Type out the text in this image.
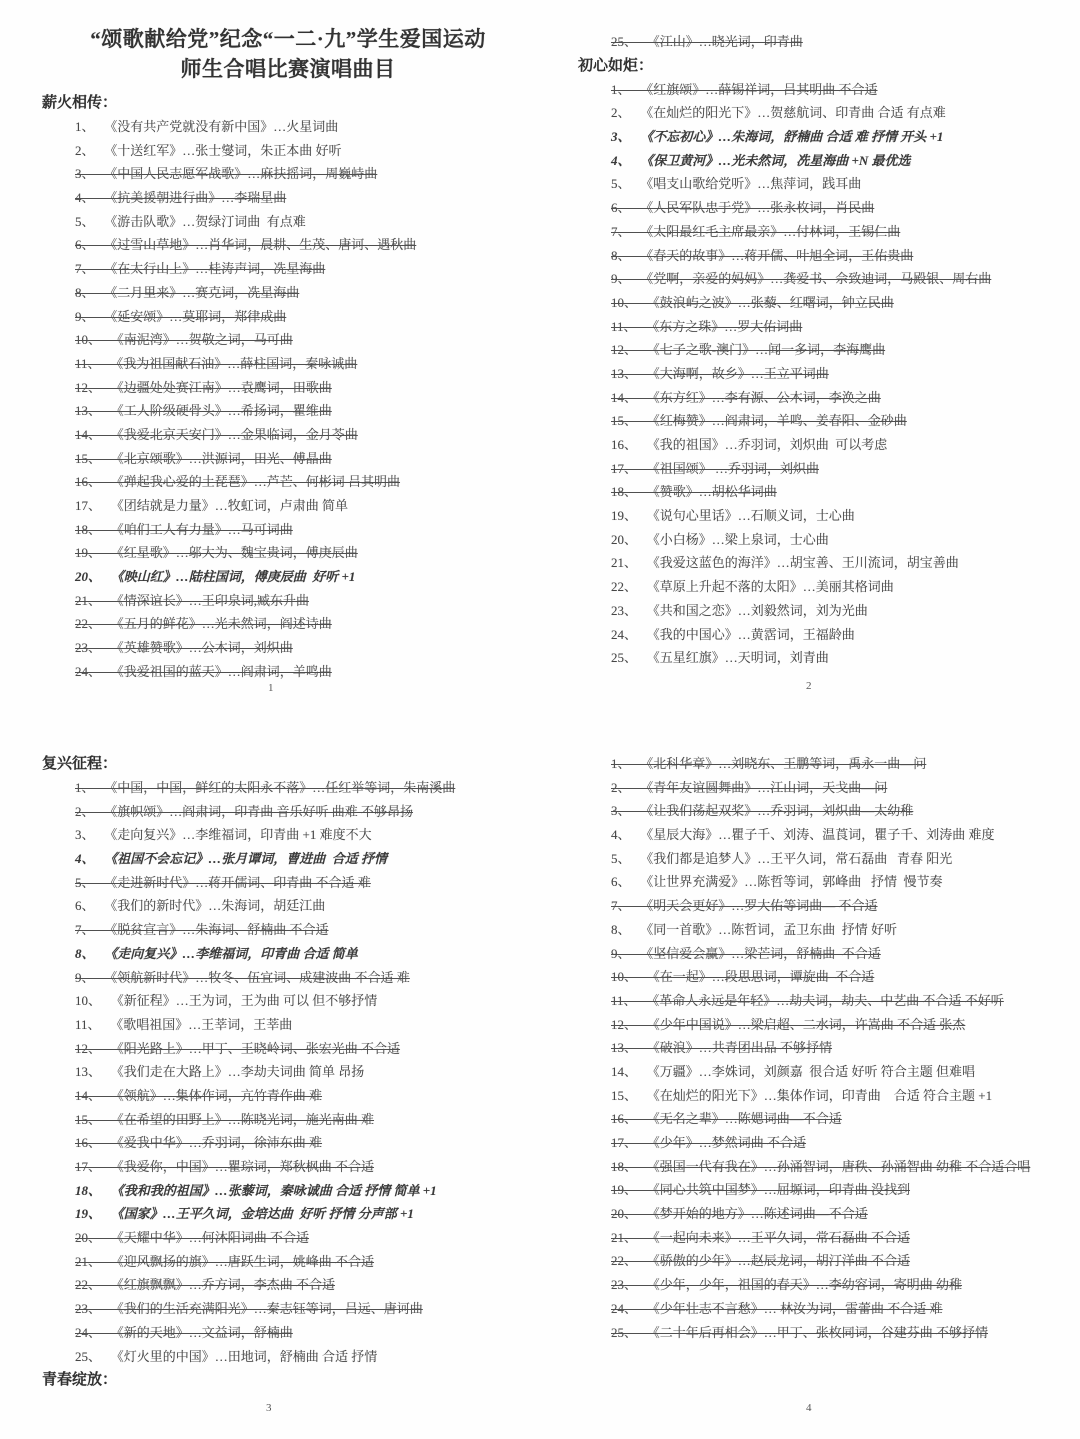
“颂歌献给党”纪念“一二·九”学生爱国运动
师生合唱比赛演唱曲目
薪火相传：
1、　 《没有共产党就没有新中国》…火星词曲
2、　 《十送红军》…张士燮词，朱正本曲 好听
3、　 《中国人民志愿军战歌》…麻扶摇词，周巍峙曲
4、　 《抗美援朝进行曲》…李瑞星曲
5、　 《游击队歌》…贺绿汀词曲  有点难
6、　 《过雪山草地》…肖华词，晨耕、生茂、唐诃、遇秋曲
7、　 《在太行山上》…桂涛声词，冼星海曲
8、　 《二月里来》…赛克词，冼星海曲
9、　 《延安颂》…莫耶词，郑律成曲
10、  《南泥湾》…贺敬之词，马可曲
11、  《我为祖国献石油》…薛柱国词，秦咏诚曲
12、  《边疆处处赛江南》…袁鹰词，田歌曲
13、  《工人阶级硬骨头》…希扬词，瞿维曲
14、  《我爱北京天安门》…金果临词，金月苓曲
15、  《北京颂歌》…洪源词，田光、傅晶曲
16、  《弹起我心爱的土琵琶》…芦芒、何彬词 吕其明曲
17、  《团结就是力量》…牧虹词，卢肃曲 简单
18、  《咱们工人有力量》…马可词曲
19、  《红星歌》…邬大为、魏宝贵词，傅庚辰曲
20、  《映山红》…陆柱国词，傅庚辰曲  好听 +1
21、  《情深谊长》…王印泉词,臧东升曲
22、  《五月的鲜花》…光未然词，阎述诗曲
23、  《英雄赞歌》…公木词，刘炽曲
24、  《我爱祖国的蓝天》…阎肃词，羊鸣曲
25、  《江山》…晓光词，印青曲
初心如炬：
1、　 《红旗颂》…薛锡祥词，吕其明曲 不合适
2、　 《在灿烂的阳光下》…贺慈航词、印青曲 合适 有点难
3、　 《不忘初心》…朱海词，舒楠曲 合适 难 抒情 开头 +1
4、　 《保卫黄河》…光未然词，冼星海曲 +N 最优选
5、　 《唱支山歌给党听》…焦萍词，践耳曲
6、　 《人民军队忠于党》…张永枚词，肖民曲
7、　 《太阳最红毛主席最亲》…付林词，王锡仁曲
8、　 《春天的故事》…蒋开儒、叶旭全词，王佑贵曲
9、　 《党啊，亲爱的妈妈》…龚爱书、佘致迪词，马殿银、周右曲
10、  《鼓浪屿之波》…张藜、红曙词，钟立民曲
11、  《东方之珠》…罗大佑词曲
12、  《七子之歌-澳门》…闻一多词，李海鹰曲
13、  《大海啊，故乡》…王立平词曲
14、  《东方红》…李有源、公木词，李涣之曲
15、  《红梅赞》…阎肃词，羊鸣、姜春阳、金砂曲
16、  《我的祖国》…乔羽词，刘炽曲  可以考虑
17、  《祖国颂》 …乔羽词，刘炽曲
18、  《赞歌》…胡松华词曲
19、  《说句心里话》…石顺义词，士心曲
20、  《小白杨》…梁上泉词，士心曲
21、  《我爱这蓝色的海洋》…胡宝善、王川流词，胡宝善曲
22、  《草原上升起不落的太阳》…美丽其格词曲
23、  《共和国之恋》…刘毅然词，刘为光曲
24、  《我的中国心》…黄霑词，王福龄曲
25、  《五星红旗》…天明词，刘青曲
复兴征程：
1、　 《中国，中国，鲜红的太阳永不落》…任红举等词，朱南溪曲
2、　 《旗帜颂》…阎肃词，印青曲 音乐好听 曲难 不够昂扬
3、　 《走向复兴》…李维福词，印青曲 +1 难度不大
4、　 《祖国不会忘记》…张月谭词，曹进曲  合适 抒情
5、　 《走进新时代》…蒋开儒词、印青曲 不合适 难
6、　 《我们的新时代》…朱海词，胡廷江曲
7、　 《脱贫宣言》…朱海词、舒楠曲 不合适
8、　 《走向复兴》…李维福词，印青曲 合适 简单
9、　 《领航新时代》…牧冬、伍宜词、成建波曲 不合适 难
10、  《新征程》…王为词，王为曲 可以 但不够抒情
11、  《歌唱祖国》…王莘词，王莘曲
12、  《阳光路上》…甲丁、王晓岭词、张宏光曲 不合适
13、  《我们走在大路上》…李劫夫词曲 简单 昂扬
14、  《领航》…集体作词，亢竹青作曲 难
15、  《在希望的田野上》…陈晓光词，施光南曲 难
16、  《爱我中华》…乔羽词，徐沛东曲 难
17、  《我爱你，中国》…瞿琮词，郑秋枫曲 不合适
18、  《我和我的祖国》…张藜词，秦咏诚曲 合适 抒情 简单 +1
19、  《国家》…王平久词，金培达曲  好听 抒情 分声部 +1
20、  《天耀中华》…何沐阳词曲 不合适
21、  《迎风飘扬的旗》…唐跃生词，姚峰曲 不合适
22、  《红旗飘飘》…乔方词，李杰曲 不合适
23、  《我们的生活充满阳光》…秦志钰等词，吕远、唐诃曲
24、  《新的天地》…文益词，舒楠曲
25、  《灯火里的中国》…田地词，舒楠曲 合适 抒情
青春绽放：
1、　 《北科华章》…刘晓东、王鹏等词，禹永一曲—问
2、　 《青年友谊圆舞曲》…江山词，天戈曲—问
3、　 《让我们荡起双桨》…乔羽词，刘炽曲—太幼稚
4、　 《星辰大海》…瞿子千、刘涛、温莨词，瞿子千、刘涛曲 难度
5、　 《我们都是追梦人》…王平久词，常石磊曲   青春 阳光
6、　 《让世界充满爱》…陈哲等词，郭峰曲   抒情  慢节奏
7、　 《明天会更好》…罗大佑等词曲— 不合适
8、　 《同一首歌》…陈哲词，孟卫东曲  抒情 好听
9、　 《坚信爱会赢》…梁芒词，舒楠曲  不合适
10、  《在一起》…段思思词，谭旋曲  不合适
11、  《革命人永远是年轻》…劫夫词，劫夫、中艺曲 不合适 不好听
12、  《少年中国说》…梁启超、二水词，许嵩曲 不合适 张杰
13、  《破浪》…共青团出品 不够抒情
14、  《万疆》…李姝词，刘颜嘉  很合适 好听 符合主题 但难唱
15、  《在灿烂的阳光下》…集体作词，印青曲    合适 符合主题 +1
16、  《无名之辈》…陈媤词曲—不合适
17、  《少年》…梦然词曲 不合适
18、  《强国一代有我在》…孙涌智词，唐秩、孙涌智曲 幼稚 不合适合唱
19、  《同心共筑中国梦》…屈塬词，印青曲 没找到
20、  《梦开始的地方》…陈述词曲—不合适
21、  《一起向未来》…王平久词，常石磊曲 不合适
22、  《骄傲的少年》…赵辰龙词，胡汀洋曲 不合适
23、  《少年，少年，祖国的春天》…李幼容词，寄明曲 幼稚
24、  《少年壮志不言愁》… 林汝为词，雷蕾曲 不合适 难
25、  《二十年后再相会》…甲丁、张枚同词，谷建芬曲 不够抒情
1	2
3	4
